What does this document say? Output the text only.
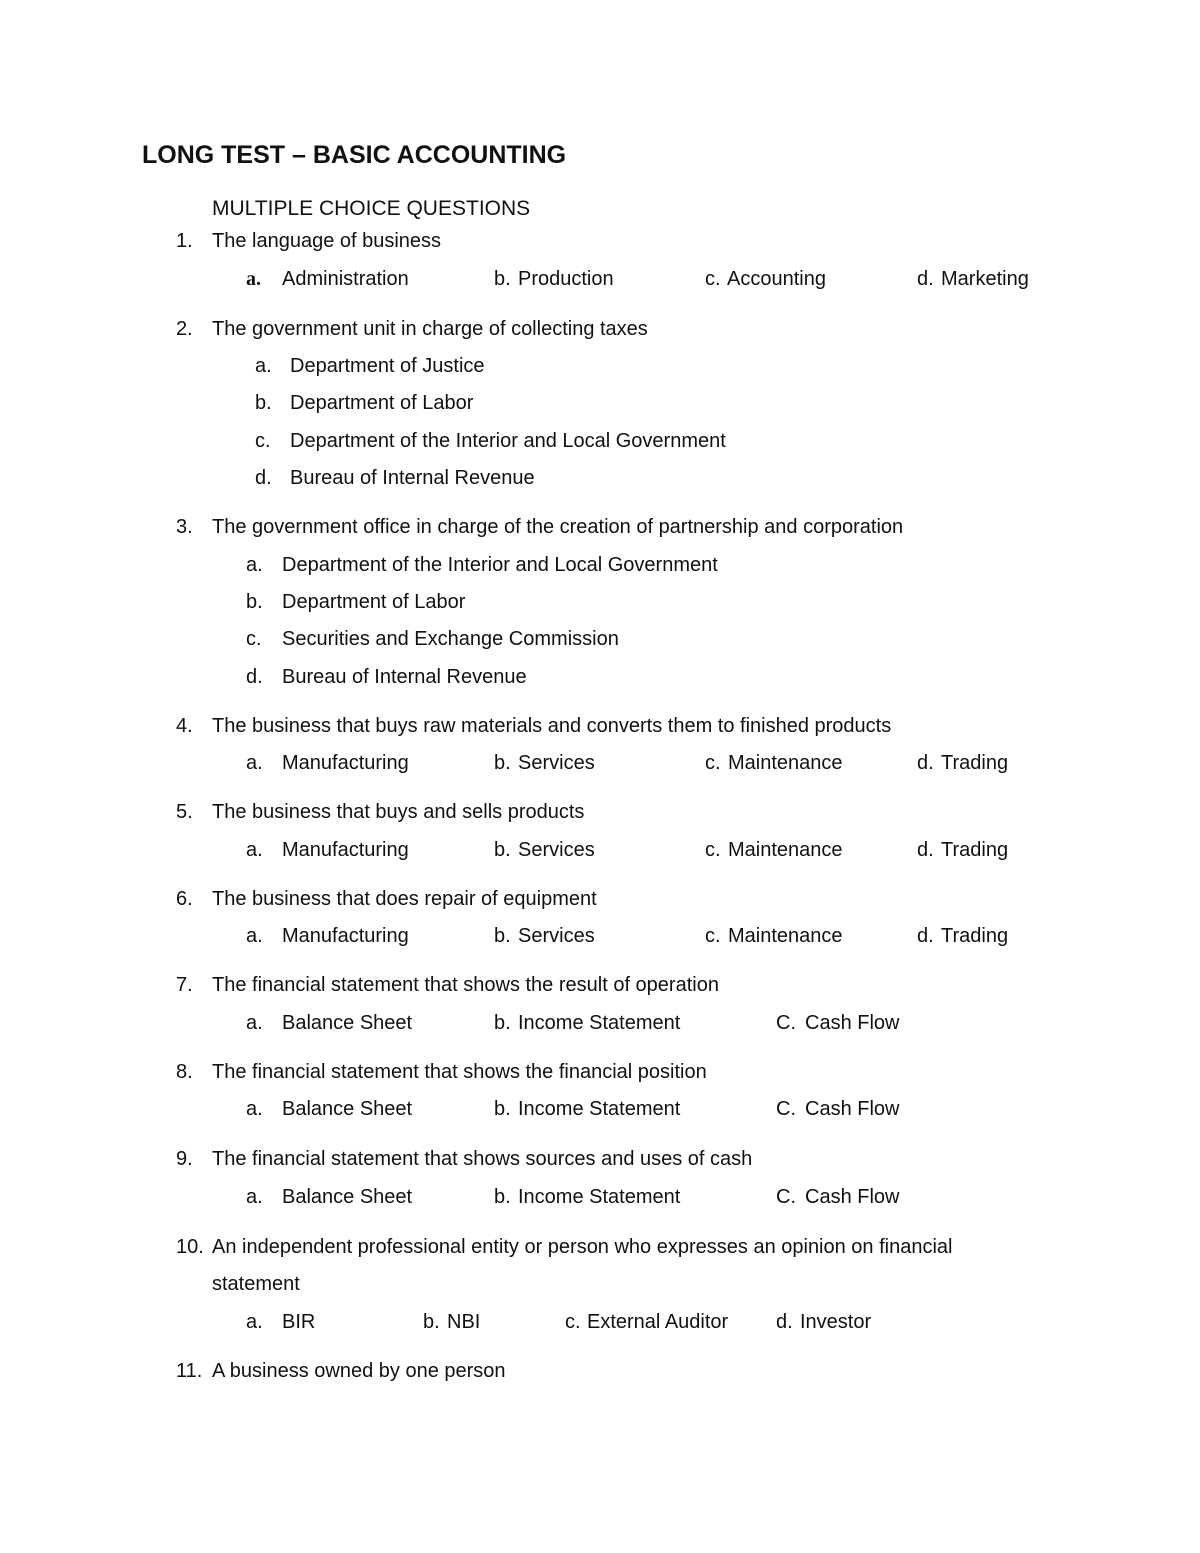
LONG TEST – BASIC ACCOUNTING
MULTIPLE CHOICE QUESTIONS
1. The language of business
a. Administration	b. Production	c. Accounting	d. Marketing
2. The government unit in charge of collecting taxes
a. Department of Justice
b. Department of Labor
c. Department of the Interior and Local Government
d. Bureau of Internal Revenue
3. The government office in charge of the creation of partnership and corporation
a. Department of the Interior and Local Government
b. Department of Labor
c. Securities and Exchange Commission
d. Bureau of Internal Revenue
4. The business that buys raw materials and converts them to finished products
a. Manufacturing	b. Services	c. Maintenance	d. Trading
5. The business that buys and sells products
a. Manufacturing	b. Services	c. Maintenance	d. Trading
6. The business that does repair of equipment
a. Manufacturing	b. Services	c. Maintenance	d. Trading
7. The financial statement that shows the result of operation
a. Balance Sheet	b. Income Statement	C. Cash Flow
8. The financial statement that shows the financial position
a. Balance Sheet	b. Income Statement	C. Cash Flow
9. The financial statement that shows sources and uses of cash
a. Balance Sheet	b. Income Statement	C. Cash Flow
10. An independent professional entity or person who expresses an opinion on financial
statement
a. BIR	b. NBI	c. External Auditor d. Investor
11. A business owned by one person
